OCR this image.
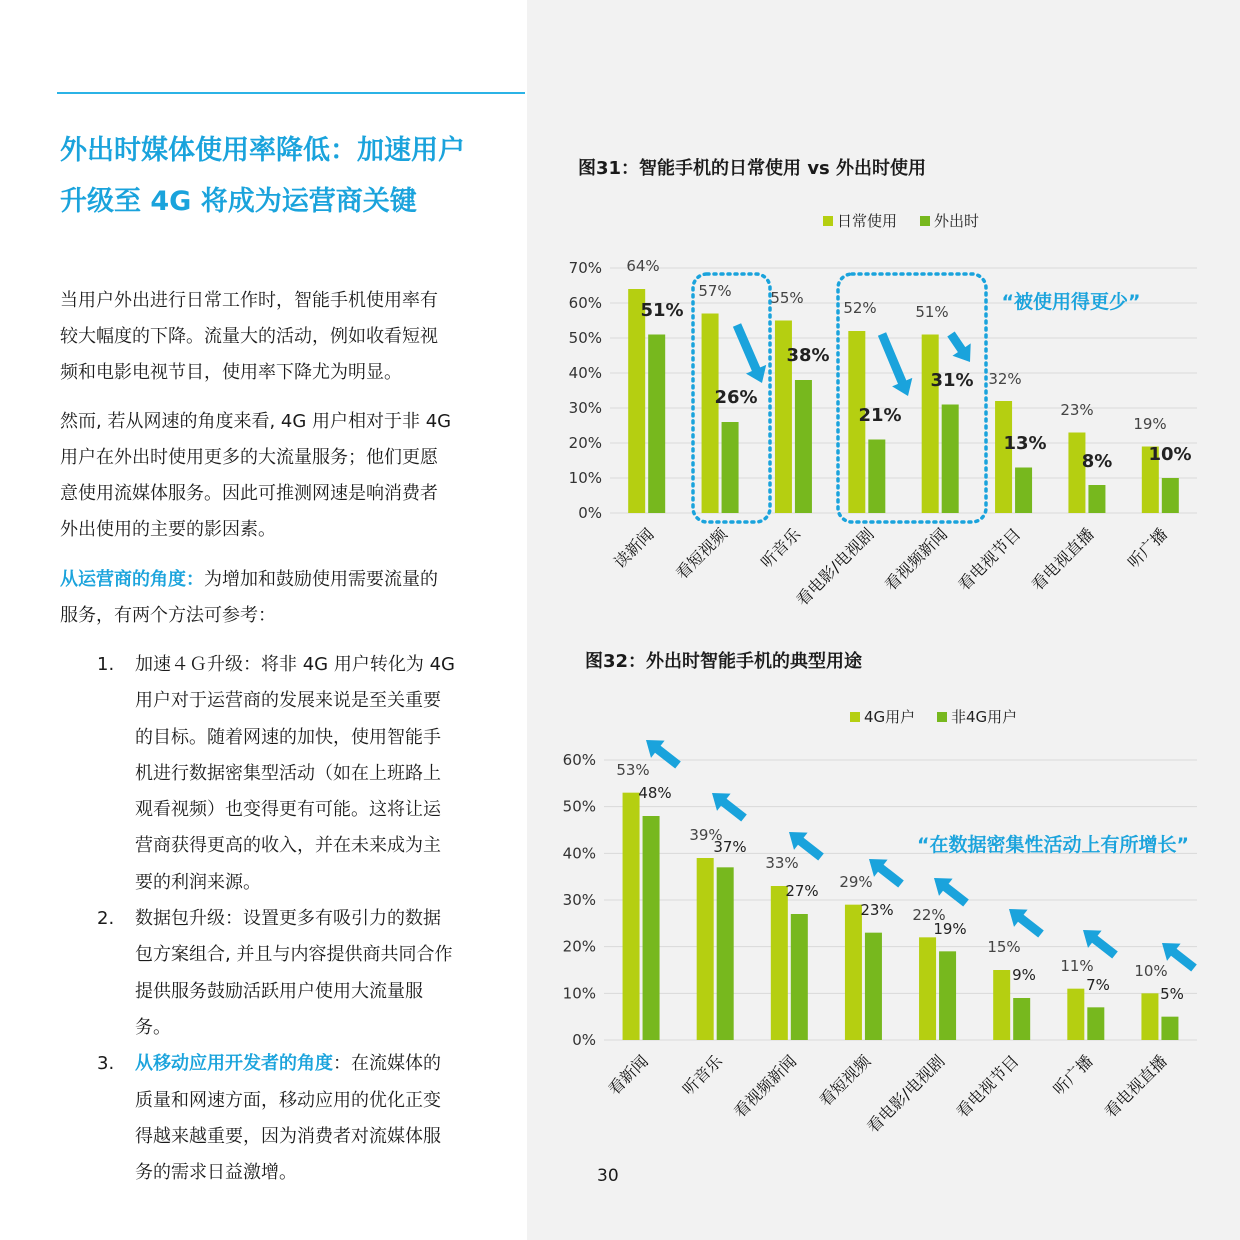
外出时媒体使用率降低：加速用户
升级至 4G 将成为运营商关键
当用户外出进行日常工作时，智能手机使用率有
较大幅度的下降。流量大的活动，例如收看短视
频和电影电视节目，使用率下降尤为明显。
然而, 若从网速的角度来看, 4G 用户相对于非 4G
用户在外出时使用更多的大流量服务；他们更愿
意使用流媒体服务。因此可推测网速是响消费者
外出使用的主要的影因素。
从运营商的角度：为增加和鼓励使用需要流量的
服务，有两个方法可参考：
1. 加速４Ｇ升级：将非 4G 用户转化为 4G
用户对于运营商的发展来说是至关重要
的目标。随着网速的加快，使用智能手
机进行数据密集型活动（如在上班路上
观看视频）也变得更有可能。这将让运
营商获得更高的收入，并在未来成为主
要的利润来源。
2. 数据包升级：设置更多有吸引力的数据
包方案组合, 并且与内容提供商共同合作
提供服务鼓励活跃用户使用大流量服
务。
3. 从移动应用开发者的角度：在流媒体的
质量和网速方面，移动应用的优化正变
得越来越重要，因为消费者对流媒体服
务的需求日益激增。	30
图31：智能手机的日常使用 vs 外出时使用
日常使用 外出时
0%
10%
20%
30%
40%
50%
60%
70% 64%
51%
读新闻
57%
26%
看短视频
55%
38%
听音乐
52%
21%
看电影/电视剧
51%
31%
看视频新闻
32%
13%
看电视节目
23%
8%
看电视直播
19%
10%
听广播
“被使用得更少”
图32：外出时智能手机的典型用途
4G用户 非4G用户
0%
10%
20%
30%
40%
50%
60%
53%
48%
看新闻
39%
37%
听音乐
33%
27%
看视频新闻
29%
23%
看短视频
22%
19%
看电影/电视剧
15%
9%
看电视节目
11%
7%
听广播
10%
5%
看电视直播
“在数据密集性活动上有所增长”
